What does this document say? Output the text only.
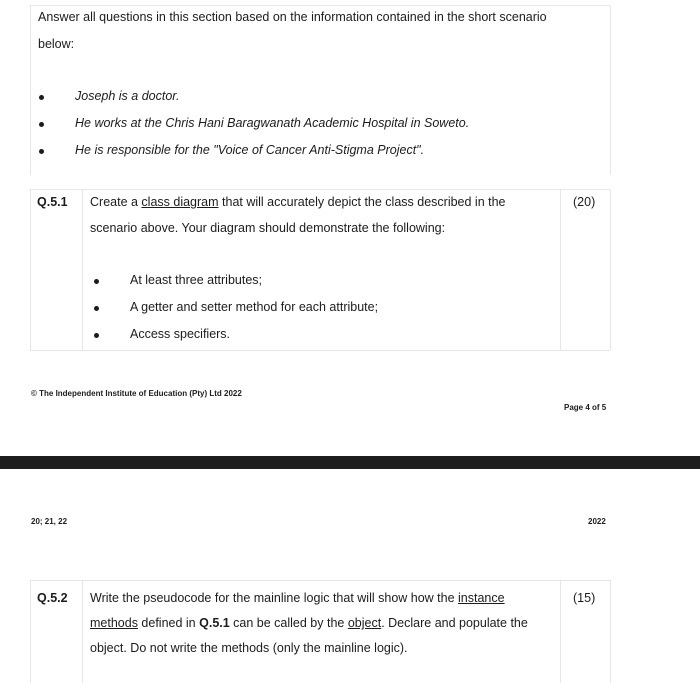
Answer all questions in this section based on the information contained in the short scenario
below:
Joseph is a doctor.
He works at the Chris Hani Baragwanath Academic Hospital in Soweto.
He is responsible for the "Voice of Cancer Anti-Stigma Project".
Q.5.1 Create a class diagram that will accurately depict the class described in the	(20)
scenario above. Your diagram should demonstrate the following:
At least three attributes;
A getter and setter method for each attribute;
Access specifiers.
© The Independent Institute of Education (Pty) Ltd 2022
Page 4 of 5
20; 21, 22	2022
Q.5.2 Write the pseudocode for the mainline logic that will show how the instance	(15)
methods defined in Q.5.1 can be called by the object. Declare and populate the
object. Do not write the methods (only the mainline logic).
